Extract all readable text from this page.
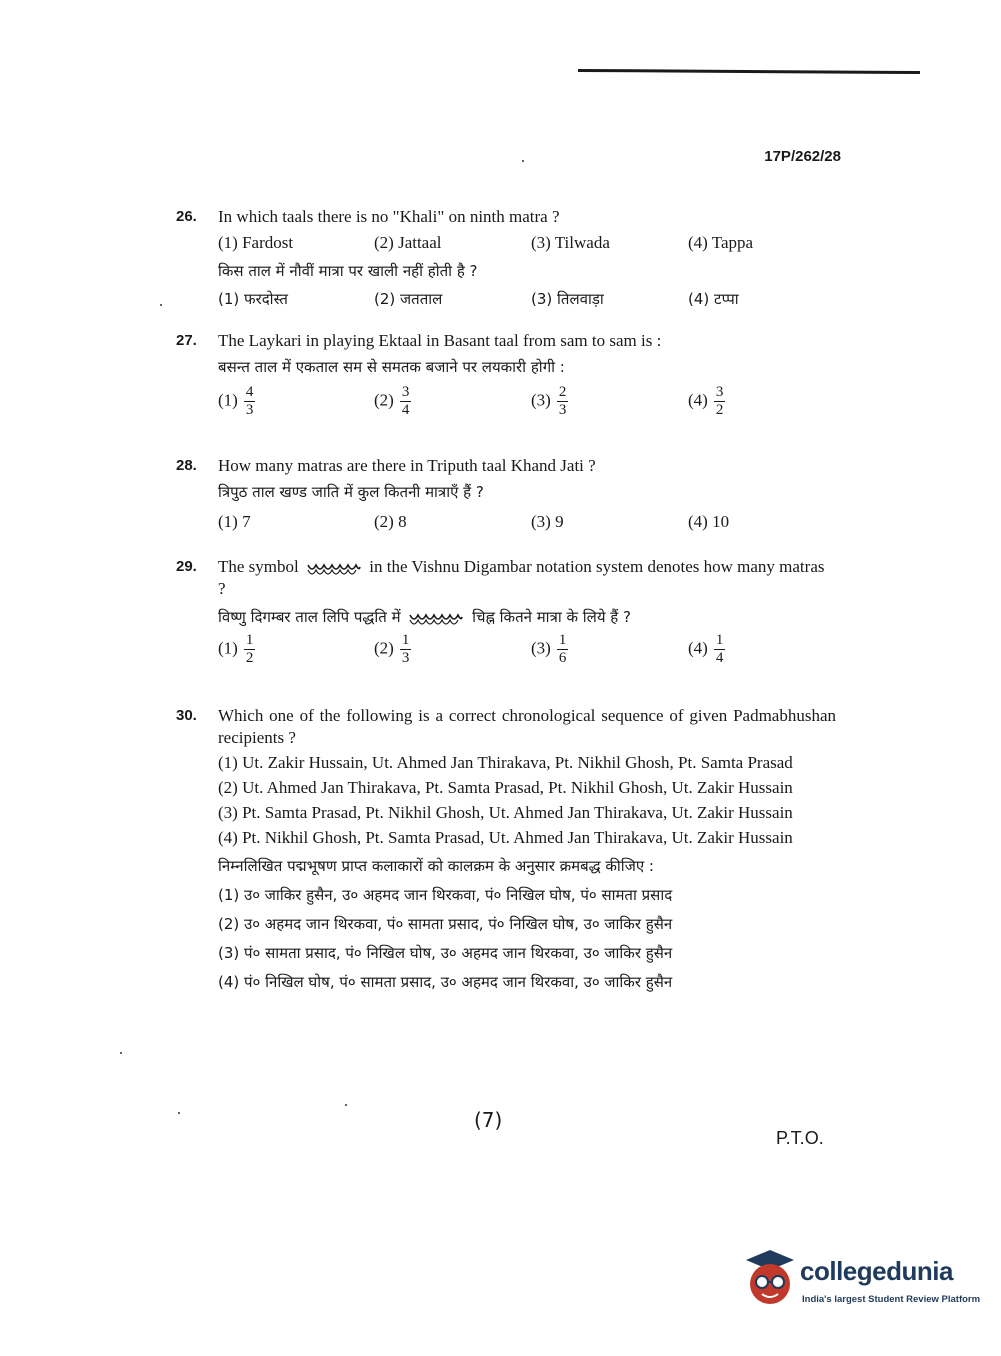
17P/262/28
26. In which taals there is no "Khali" on ninth matra ?
(1) Fardost	(2) Jattaal	(3) Tilwada	(4) Tappa
किस ताल में नौवीं मात्रा पर खाली नहीं होती है ?
(1) फरदोस्त	(2) जतताल	(3) तिलवाड़ा	(4) टप्पा
27. The Laykari in playing Ektaal in Basant taal from sam to sam is :
बसन्त ताल में एकताल सम से समतक बजाने पर लयकारी होगी :
$(1) \frac{4}{3}$	$(2) \frac{3}{4}$	$(3) \frac{2}{3}$	$(4) \frac{3}{2}$
28. How many matras are there in Triputh taal Khand Jati ?
त्रिपुठ ताल खण्ड जाति में कुल कितनी मात्राएँ हैं ?
(1) 7	(2) 8	(3) 9	(4) 10
29. The symbol	in the Vishnu Digambar notation system denotes how many matras ?
विष्णु दिगम्बर ताल लिपि पद्धति में	चिह्न कितने मात्रा के लिये हैं ?
$(1) \frac{1}{2}$	$(2) \frac{1}{3}$	$(3) \frac{1}{6}$	$(4) \frac{1}{4}$
30. Which one of the following is a correct chronological sequence of given Padmabhushan recipients ?
(1) Ut. Zakir Hussain, Ut. Ahmed Jan Thirakava, Pt. Nikhil Ghosh, Pt. Samta Prasad
(2) Ut. Ahmed Jan Thirakava, Pt. Samta Prasad, Pt. Nikhil Ghosh, Ut. Zakir Hussain
(3) Pt. Samta Prasad, Pt. Nikhil Ghosh, Ut. Ahmed Jan Thirakava, Ut. Zakir Hussain
(4) Pt. Nikhil Ghosh, Pt. Samta Prasad, Ut. Ahmed Jan Thirakava, Ut. Zakir Hussain
निम्नलिखित पद्मभूषण प्राप्त कलाकारों को कालक्रम के अनुसार क्रमबद्ध कीजिए :
(1) उ० जाकिर हुसैन, उ० अहमद जान थिरकवा, पं० निखिल घोष, पं० सामता प्रसाद
(2) उ० अहमद जान थिरकवा, पं० सामता प्रसाद, पं० निखिल घोष, उ० जाकिर हुसैन
(3) पं० सामता प्रसाद, पं० निखिल घोष, उ० अहमद जान थिरकवा, उ० जाकिर हुसैन
(4) पं० निखिल घोष, पं० सामता प्रसाद, उ० अहमद जान थिरकवा, उ० जाकिर हुसैन
(7)
P.T.O.
collegedunia
India's largest Student Review Platform
